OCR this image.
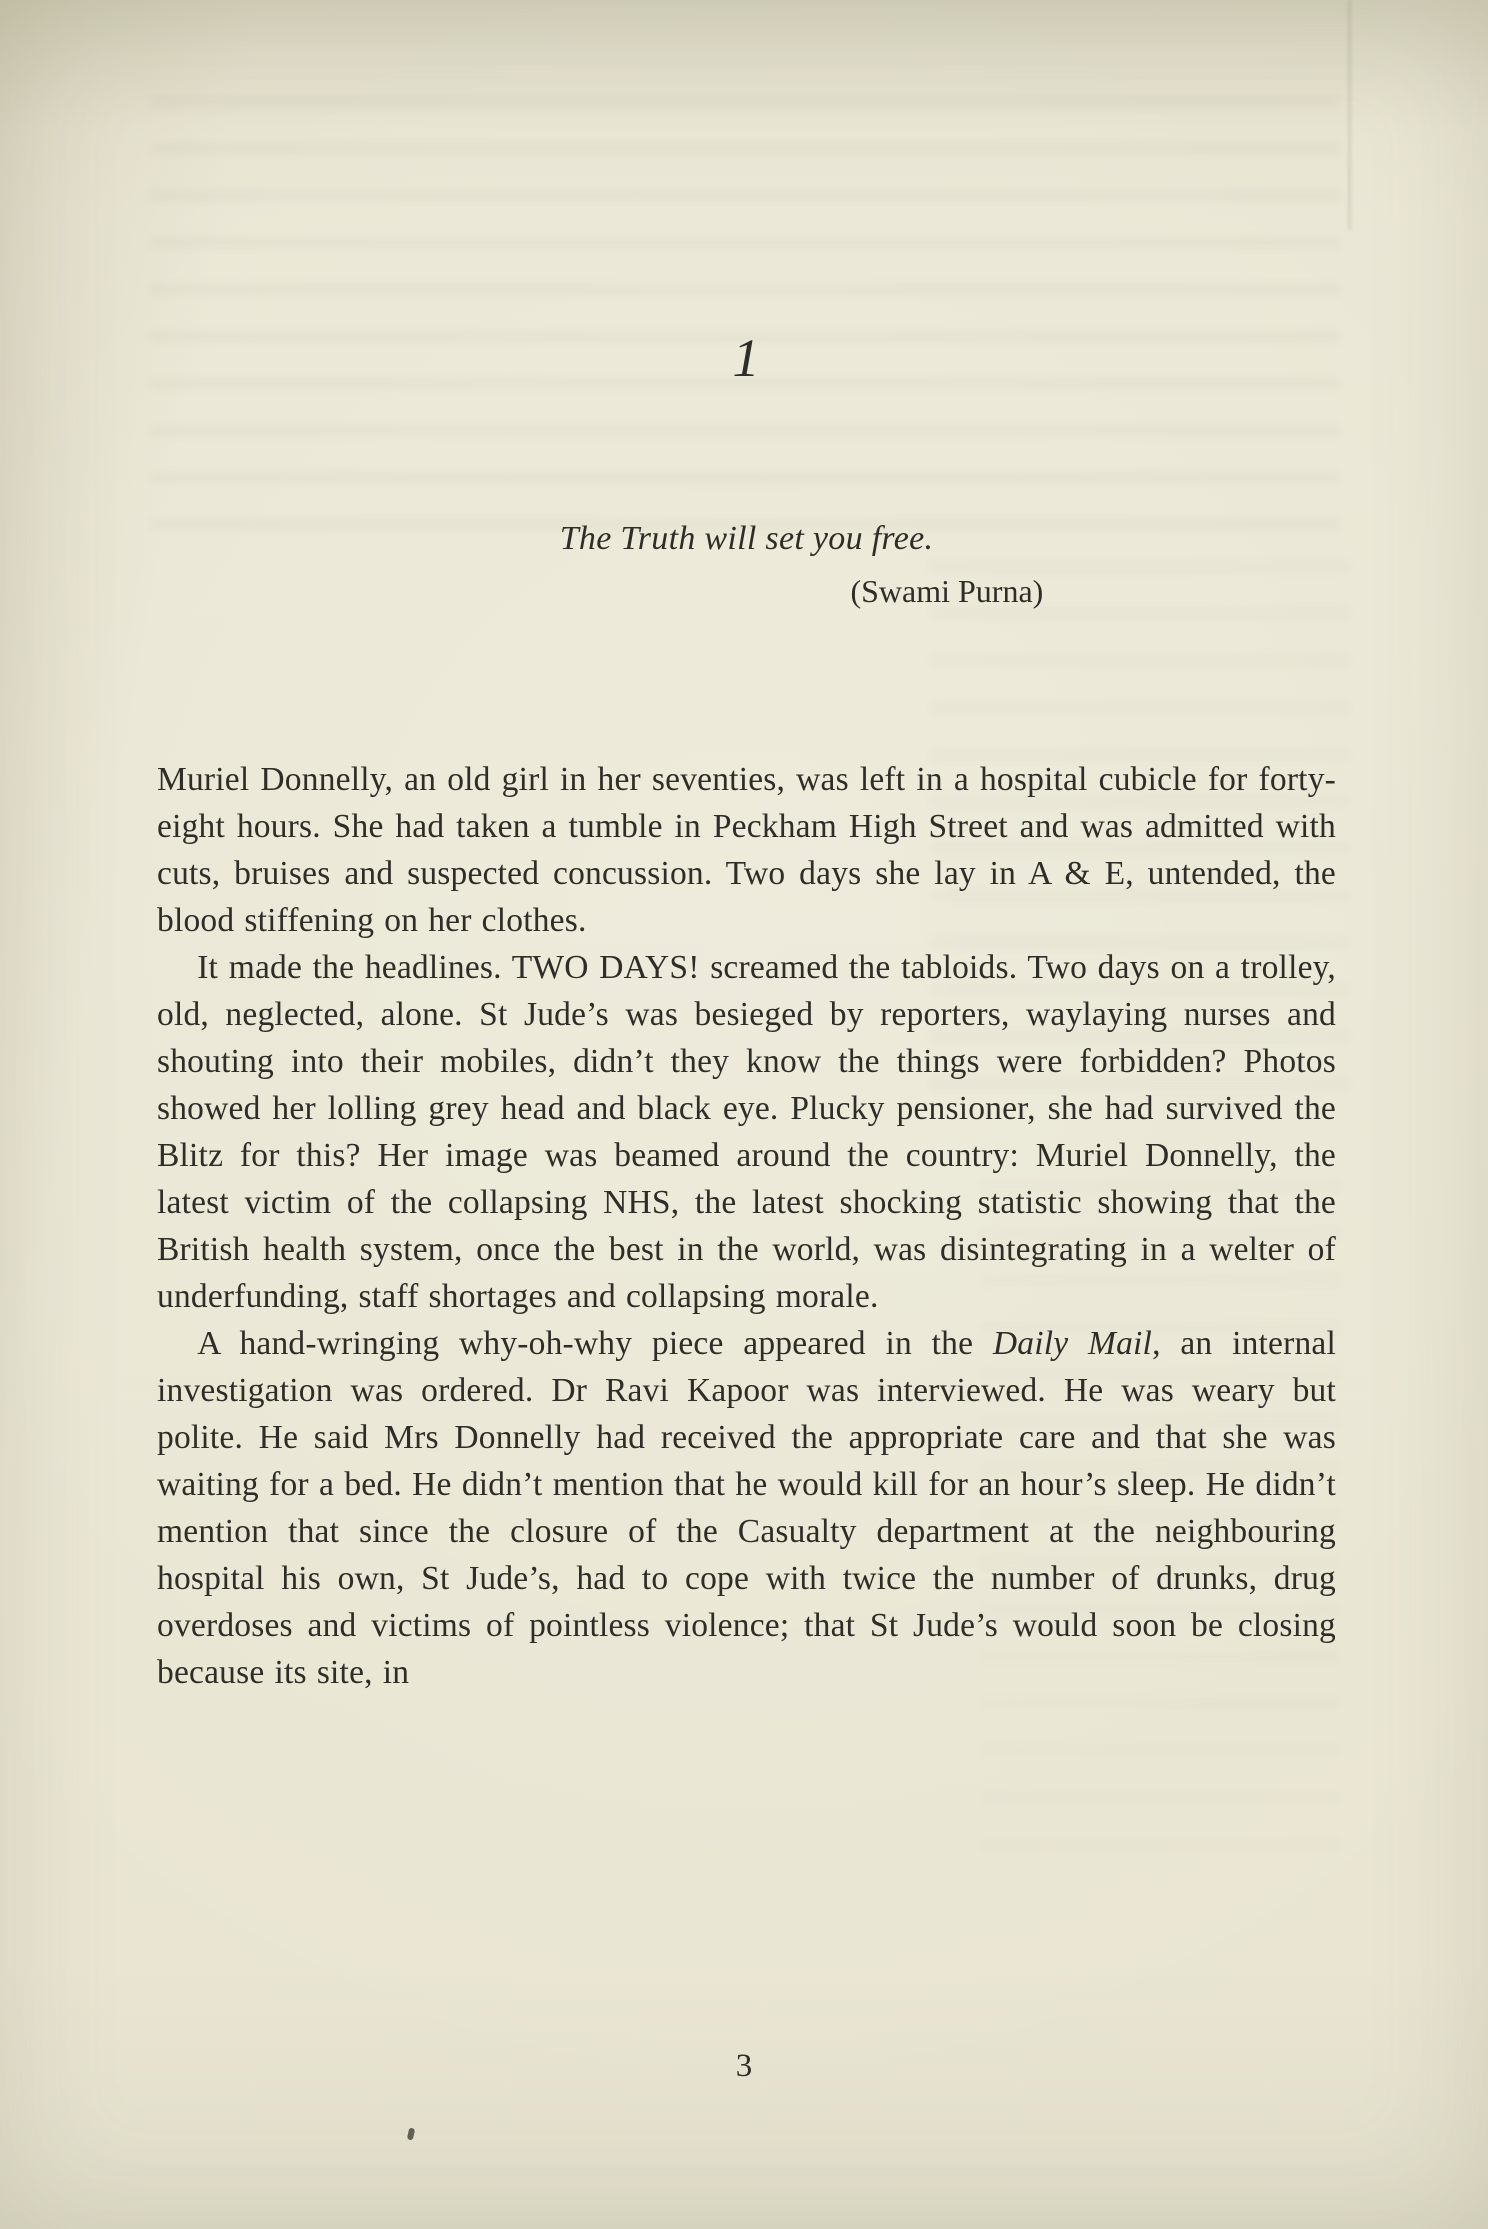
1
The Truth will set you free.
(Swami Purna)

Muriel Donnelly, an old girl in her seventies, was left in a hospital cubicle for forty-eight hours. She had taken a tumble in Peckham High Street and was admitted with cuts, bruises and suspected concussion. Two days she lay in A & E, untended, the blood stiffening on her clothes.

It made the headlines. TWO DAYS! screamed the tabloids. Two days on a trolley, old, neglected, alone. St Jude’s was besieged by reporters, waylaying nurses and shouting into their mobiles, didn’t they know the things were forbidden? Photos showed her lolling grey head and black eye. Plucky pensioner, she had survived the Blitz for this? Her image was beamed around the country: Muriel Donnelly, the latest victim of the collapsing NHS, the latest shocking statistic showing that the British health system, once the best in the world, was disintegrating in a welter of underfunding, staff shortages and collapsing morale.

A hand-wringing why-oh-why piece appeared in the Daily Mail, an internal investigation was ordered. Dr Ravi Kapoor was interviewed. He was weary but polite. He said Mrs Donnelly had received the appropriate care and that she was waiting for a bed. He didn’t mention that he would kill for an hour’s sleep. He didn’t mention that since the closure of the Casualty department at the neighbouring hospital his own, St Jude’s, had to cope with twice the number of drunks, drug overdoses and victims of pointless violence; that St Jude’s would soon be closing because its site, in

3
